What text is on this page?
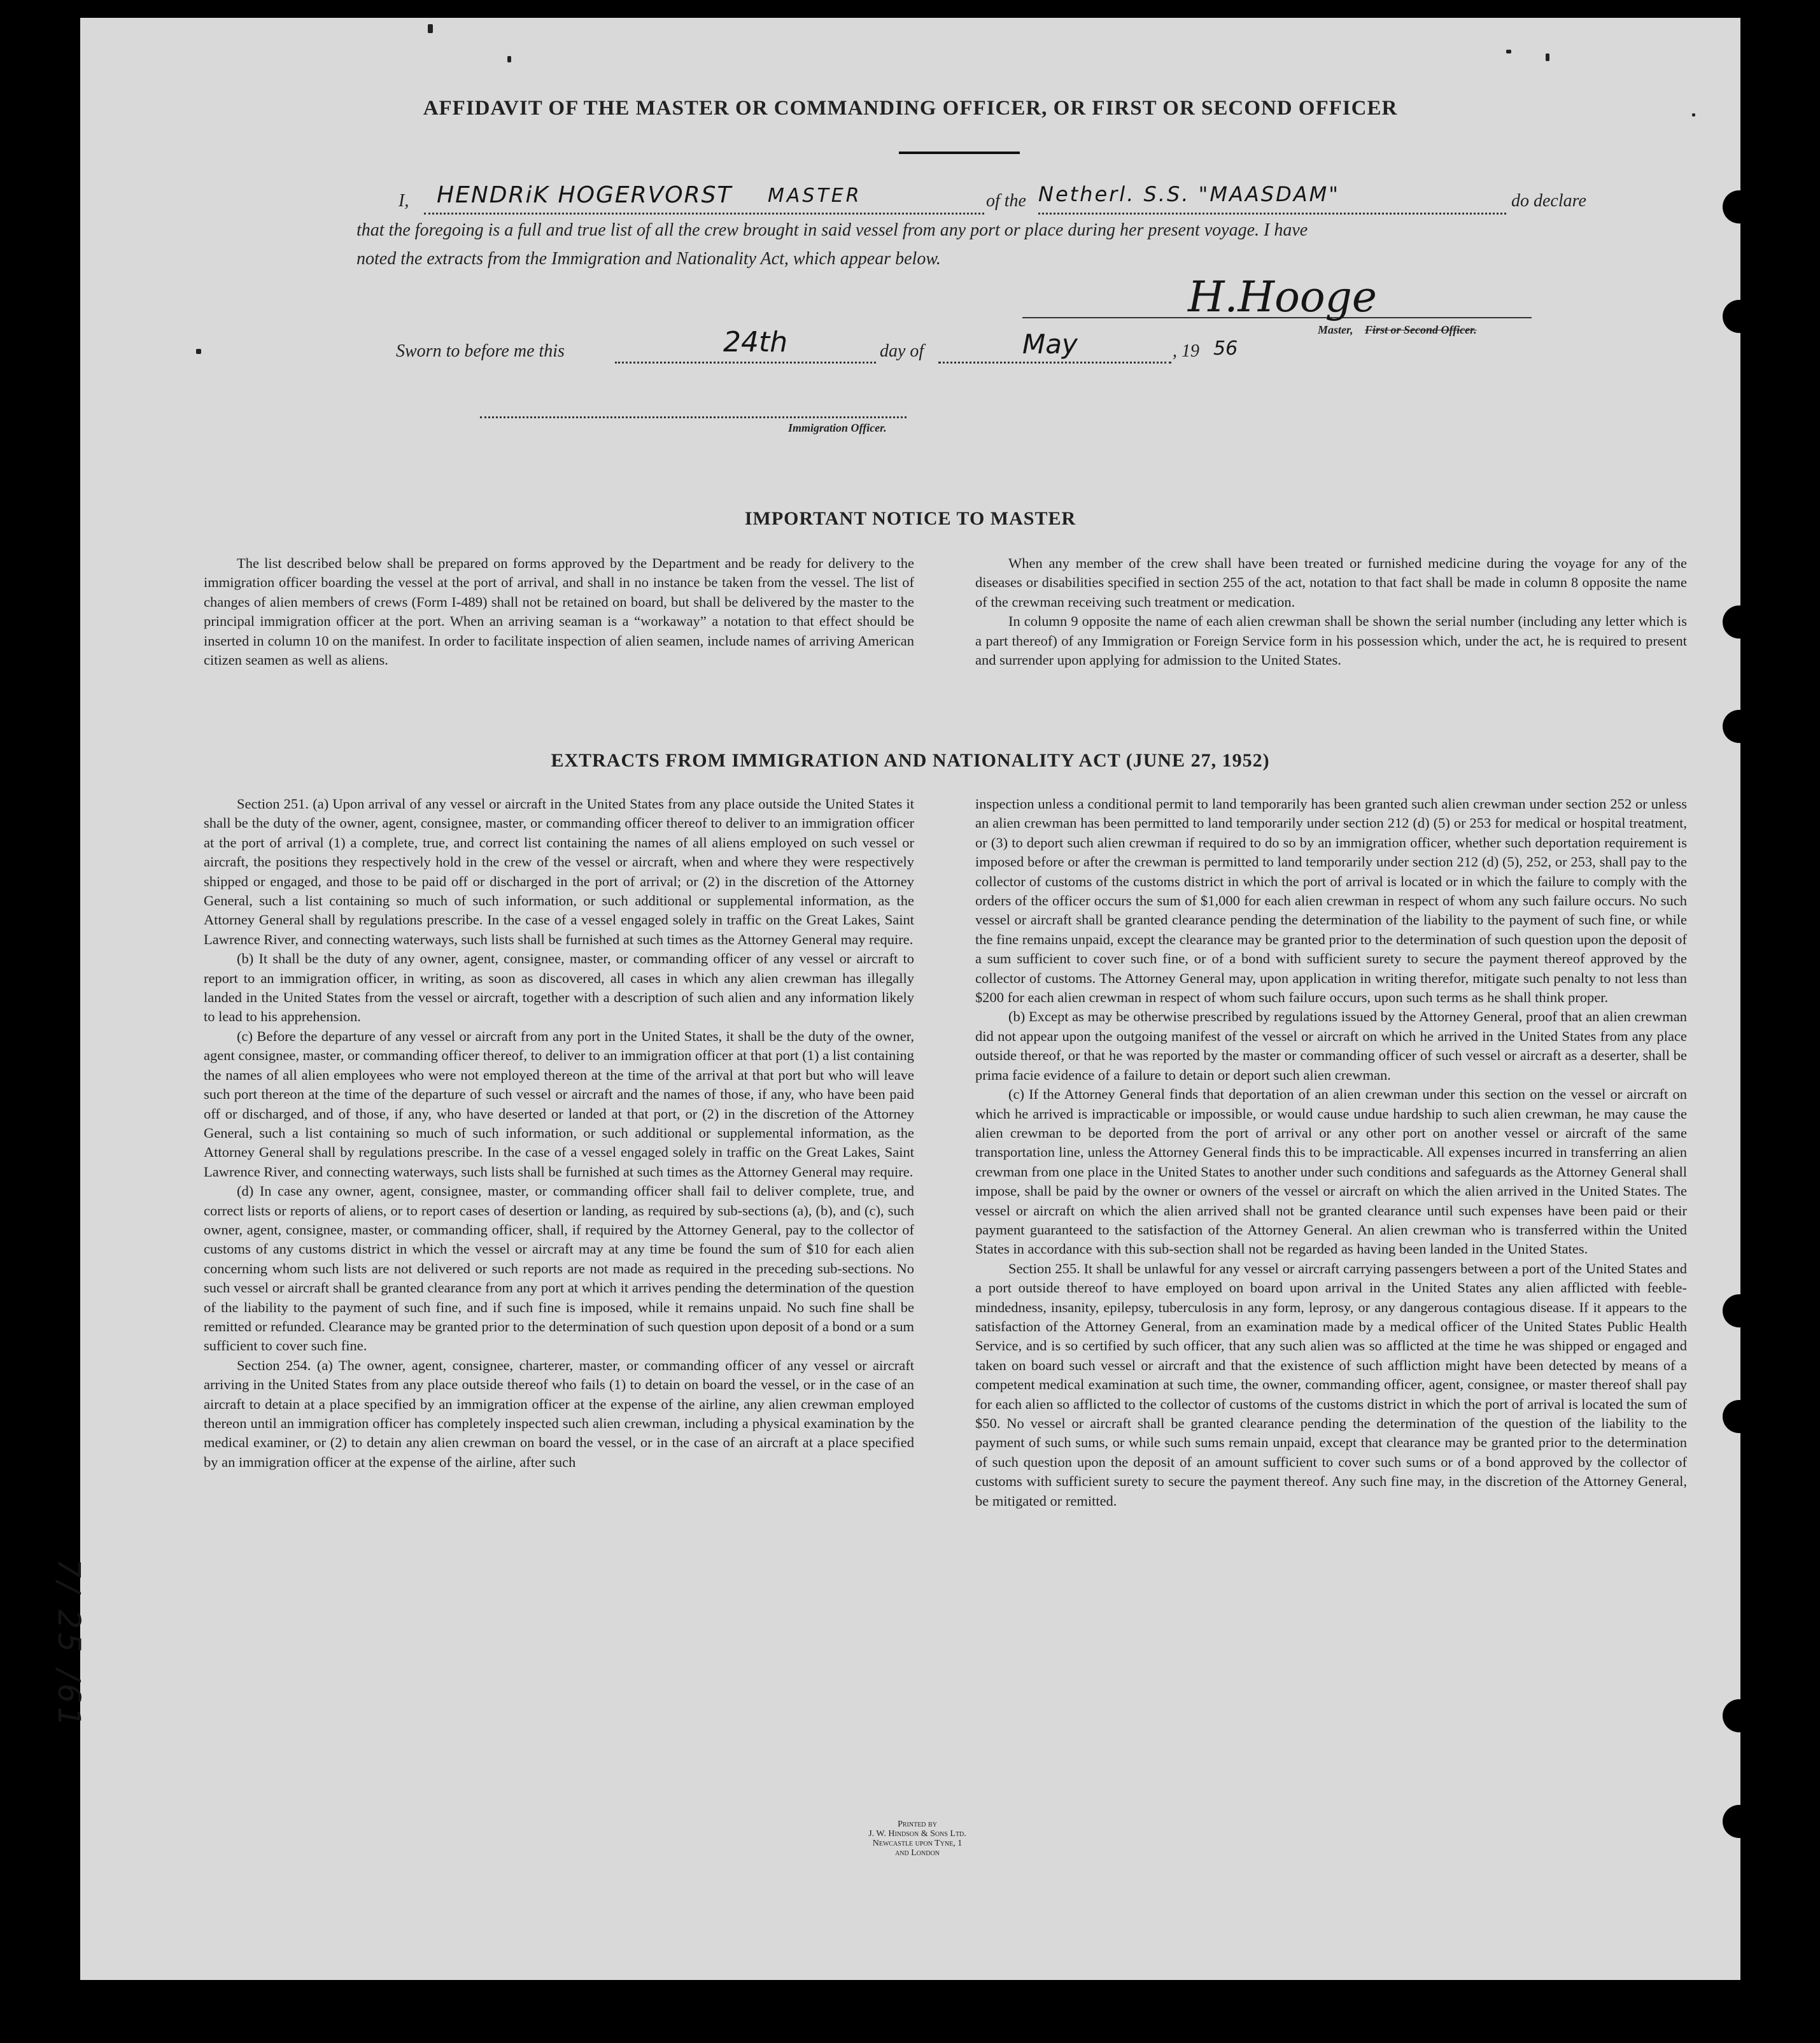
AFFIDAVIT OF THE MASTER OR COMMANDING OFFICER, OR FIRST OR SECOND OFFICER
I, HENDRiK HOGERVORST MASTER	of the Netherl. S.S. "MAASDAM"	do declare
that the foregoing is a full and true list of all the crew brought in said vessel from any port or place during her present voyage. I have
noted the extracts from the Immigration and Nationality Act, which appear below.
H.Hooge
Master, First or Second Officer.
Sworn to before me this	24th	day of	May	, 19 56
Immigration Officer.
IMPORTANT NOTICE TO MASTER

The list described below shall be prepared on forms approved by the Department and be ready for delivery to the immigration officer boarding the vessel at the port of arrival, and shall in no instance be taken from the vessel. The list of changes of alien members of crews (Form I-489) shall not be retained on board, but shall be delivered by the master to the principal immigration officer at the port. When an arriving seaman is a “workaway” a notation to that effect should be inserted in column 10 on the manifest. In order to facilitate inspection of alien seamen, include names of arriving American citizen seamen as well as aliens.

When any member of the crew shall have been treated or furnished medicine during the voyage for any of the diseases or disabilities specified in section 255 of the act, notation to that fact shall be made in column 8 opposite the name of the crewman receiving such treatment or medication.

In column 9 opposite the name of each alien crewman shall be shown the serial number (including any letter which is a part thereof) of any Immigration or Foreign Service form in his possession which, under the act, he is required to present and surrender upon applying for admission to the United States.

EXTRACTS FROM IMMIGRATION AND NATIONALITY ACT (JUNE 27, 1952)

Section 251. (a) Upon arrival of any vessel or aircraft in the United States from any place outside the United States it shall be the duty of the owner, agent, consignee, master, or commanding officer thereof to deliver to an immigration officer at the port of arrival (1) a complete, true, and correct list containing the names of all aliens employed on such vessel or aircraft, the positions they respectively hold in the crew of the vessel or aircraft, when and where they were respectively shipped or engaged, and those to be paid off or discharged in the port of arrival; or (2) in the discretion of the Attorney General, such a list containing so much of such information, or such additional or supplemental information, as the Attorney General shall by regulations prescribe. In the case of a vessel engaged solely in traffic on the Great Lakes, Saint Lawrence River, and connecting waterways, such lists shall be furnished at such times as the Attorney General may require.

(b) It shall be the duty of any owner, agent, consignee, master, or commanding officer of any vessel or aircraft to report to an immigration officer, in writing, as soon as discovered, all cases in which any alien crewman has illegally landed in the United States from the vessel or aircraft, together with a description of such alien and any information likely to lead to his apprehension.

(c) Before the departure of any vessel or aircraft from any port in the United States, it shall be the duty of the owner, agent consignee, master, or commanding officer thereof, to deliver to an immigration officer at that port (1) a list containing the names of all alien employees who were not employed thereon at the time of the arrival at that port but who will leave such port thereon at the time of the departure of such vessel or aircraft and the names of those, if any, who have been paid off or discharged, and of those, if any, who have deserted or landed at that port, or (2) in the discretion of the Attorney General, such a list containing so much of such information, or such additional or supplemental information, as the Attorney General shall by regulations prescribe. In the case of a vessel engaged solely in traffic on the Great Lakes, Saint Lawrence River, and connecting waterways, such lists shall be furnished at such times as the Attorney General may require.

(d) In case any owner, agent, consignee, master, or commanding officer shall fail to deliver complete, true, and correct lists or reports of aliens, or to report cases of desertion or landing, as required by sub-sections (a), (b), and (c), such owner, agent, consignee, master, or commanding officer, shall, if required by the Attorney General, pay to the collector of customs of any customs district in which the vessel or aircraft may at any time be found the sum of $10 for each alien concerning whom such lists are not delivered or such reports are not made as required in the preceding sub-sections. No such vessel or aircraft shall be granted clearance from any port at which it arrives pending the determination of the question of the liability to the payment of such fine, and if such fine is imposed, while it remains unpaid. No such fine shall be remitted or refunded. Clearance may be granted prior to the determination of such question upon deposit of a bond or a sum sufficient to cover such fine.

Section 254. (a) The owner, agent, consignee, charterer, master, or commanding officer of any vessel or aircraft arriving in the United States from any place outside thereof who fails (1) to detain on board the vessel, or in the case of an aircraft to detain at a place specified by an immigration officer at the expense of the airline, any alien crewman employed thereon until an immigration officer has completely inspected such alien crewman, including a physical examination by the medical examiner, or (2) to detain any alien crewman on board the vessel, or in the case of an aircraft at a place specified by an immigration officer at the expense of the airline, after such

inspection unless a conditional permit to land temporarily has been granted such alien crewman under section 252 or unless an alien crewman has been permitted to land temporarily under section 212 (d) (5) or 253 for medical or hospital treatment, or (3) to deport such alien crewman if required to do so by an immigration officer, whether such deportation requirement is imposed before or after the crewman is permitted to land temporarily under section 212 (d) (5), 252, or 253, shall pay to the collector of customs of the customs district in which the port of arrival is located or in which the failure to comply with the orders of the officer occurs the sum of $1,000 for each alien crewman in respect of whom any such failure occurs. No such vessel or aircraft shall be granted clearance pending the determination of the liability to the payment of such fine, or while the fine remains unpaid, except the clearance may be granted prior to the determination of such question upon the deposit of a sum sufficient to cover such fine, or of a bond with sufficient surety to secure the payment thereof approved by the collector of customs. The Attorney General may, upon application in writing therefor, mitigate such penalty to not less than $200 for each alien crewman in respect of whom such failure occurs, upon such terms as he shall think proper.

(b) Except as may be otherwise prescribed by regulations issued by the Attorney General, proof that an alien crewman did not appear upon the outgoing manifest of the vessel or aircraft on which he arrived in the United States from any place outside thereof, or that he was reported by the master or commanding officer of such vessel or aircraft as a deserter, shall be prima facie evidence of a failure to detain or deport such alien crewman.

(c) If the Attorney General finds that deportation of an alien crewman under this section on the vessel or aircraft on which he arrived is impracticable or impossible, or would cause undue hardship to such alien crewman, he may cause the alien crewman to be deported from the port of arrival or any other port on another vessel or aircraft of the same transportation line, unless the Attorney General finds this to be impracticable. All expenses incurred in transferring an alien crewman from one place in the United States to another under such conditions and safeguards as the Attorney General shall impose, shall be paid by the owner or owners of the vessel or aircraft on which the alien arrived in the United States. The vessel or aircraft on which the alien arrived shall not be granted clearance until such expenses have been paid or their payment guaranteed to the satisfaction of the Attorney General. An alien crewman who is transferred within the United States in accordance with this sub-section shall not be regarded as having been landed in the United States.

Section 255. It shall be unlawful for any vessel or aircraft carrying passengers between a port of the United States and a port outside thereof to have employed on board upon arrival in the United States any alien afflicted with feeble-mindedness, insanity, epilepsy, tuberculosis in any form, leprosy, or any dangerous contagious disease. If it appears to the satisfaction of the Attorney General, from an examination made by a medical officer of the United States Public Health Service, and is so certified by such officer, that any such alien was so afflicted at the time he was shipped or engaged and taken on board such vessel or aircraft and that the existence of such affliction might have been detected by means of a competent medical examination at such time, the owner, commanding officer, agent, consignee, or master thereof shall pay for each alien so afflicted to the collector of customs of the customs district in which the port of arrival is located the sum of $50. No vessel or aircraft shall be granted clearance pending the determination of the question of the liability to the payment of such sums, or while such sums remain unpaid, except that clearance may be granted prior to the determination of such question upon the deposit of an amount sufficient to cover such sums or of a bond approved by the collector of customs with sufficient surety to secure the payment thereof. Any such fine may, in the discretion of the Attorney General, be mitigated or remitted.

7/ 25 /61
Printed by
J. W. Hindson & Sons Ltd.
Newcastle upon Tyne, 1
and London
